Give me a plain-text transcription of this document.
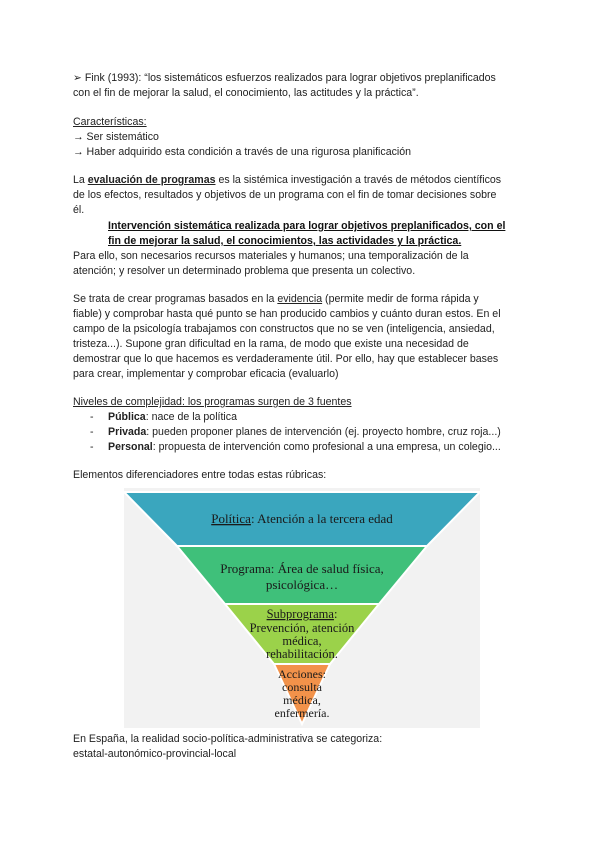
➢ Fink (1993): “los sistemáticos esfuerzos realizados para lograr objetivos preplanificados
con el fin de mejorar la salud, el conocimiento, las actitudes y la práctica”.
Características:
→ Ser sistemático
→ Haber adquirido esta condición a través de una rigurosa planificación
La evaluación de programas es la sistémica investigación a través de métodos científicos
de los efectos, resultados y objetivos de un programa con el fin de tomar decisiones sobre
él.
Intervención sistemática realizada para lograr objetivos preplanificados, con el
fin de mejorar la salud, el conocimientos, las actividades y la práctica.
Para ello, son necesarios recursos materiales y humanos; una temporalización de la
atención; y resolver un determinado problema que presenta un colectivo.
Se trata de crear programas basados en la evidencia (permite medir de forma rápida y
fiable) y comprobar hasta qué punto se han producido cambios y cuánto duran estos. En el
campo de la psicología trabajamos con constructos que no se ven (inteligencia, ansiedad,
tristeza...). Supone gran dificultad en la rama, de modo que existe una necesidad de
demostrar que lo que hacemos es verdaderamente útil. Por ello, hay que establecer bases
para crear, implementar y comprobar eficacia (evaluarlo)
Niveles de complejidad: los programas surgen de 3 fuentes
- Pública: nace de la política
- Privada: pueden proponer planes de intervención (ej. proyecto hombre, cruz roja...)
- Personal: propuesta de intervención como profesional a una empresa, un colegio...
Elementos diferenciadores entre todas estas rúbricas:
Política: Atención a la tercera edad
Programa: Área de salud física,
psicológica…
Subprograma:
Prevención, atención
médica,
rehabilitación.
Acciones:
consulta
médica,
enfermería.
En España, la realidad socio-política-administrativa se categoriza:
estatal-autonómico-provincial-local
